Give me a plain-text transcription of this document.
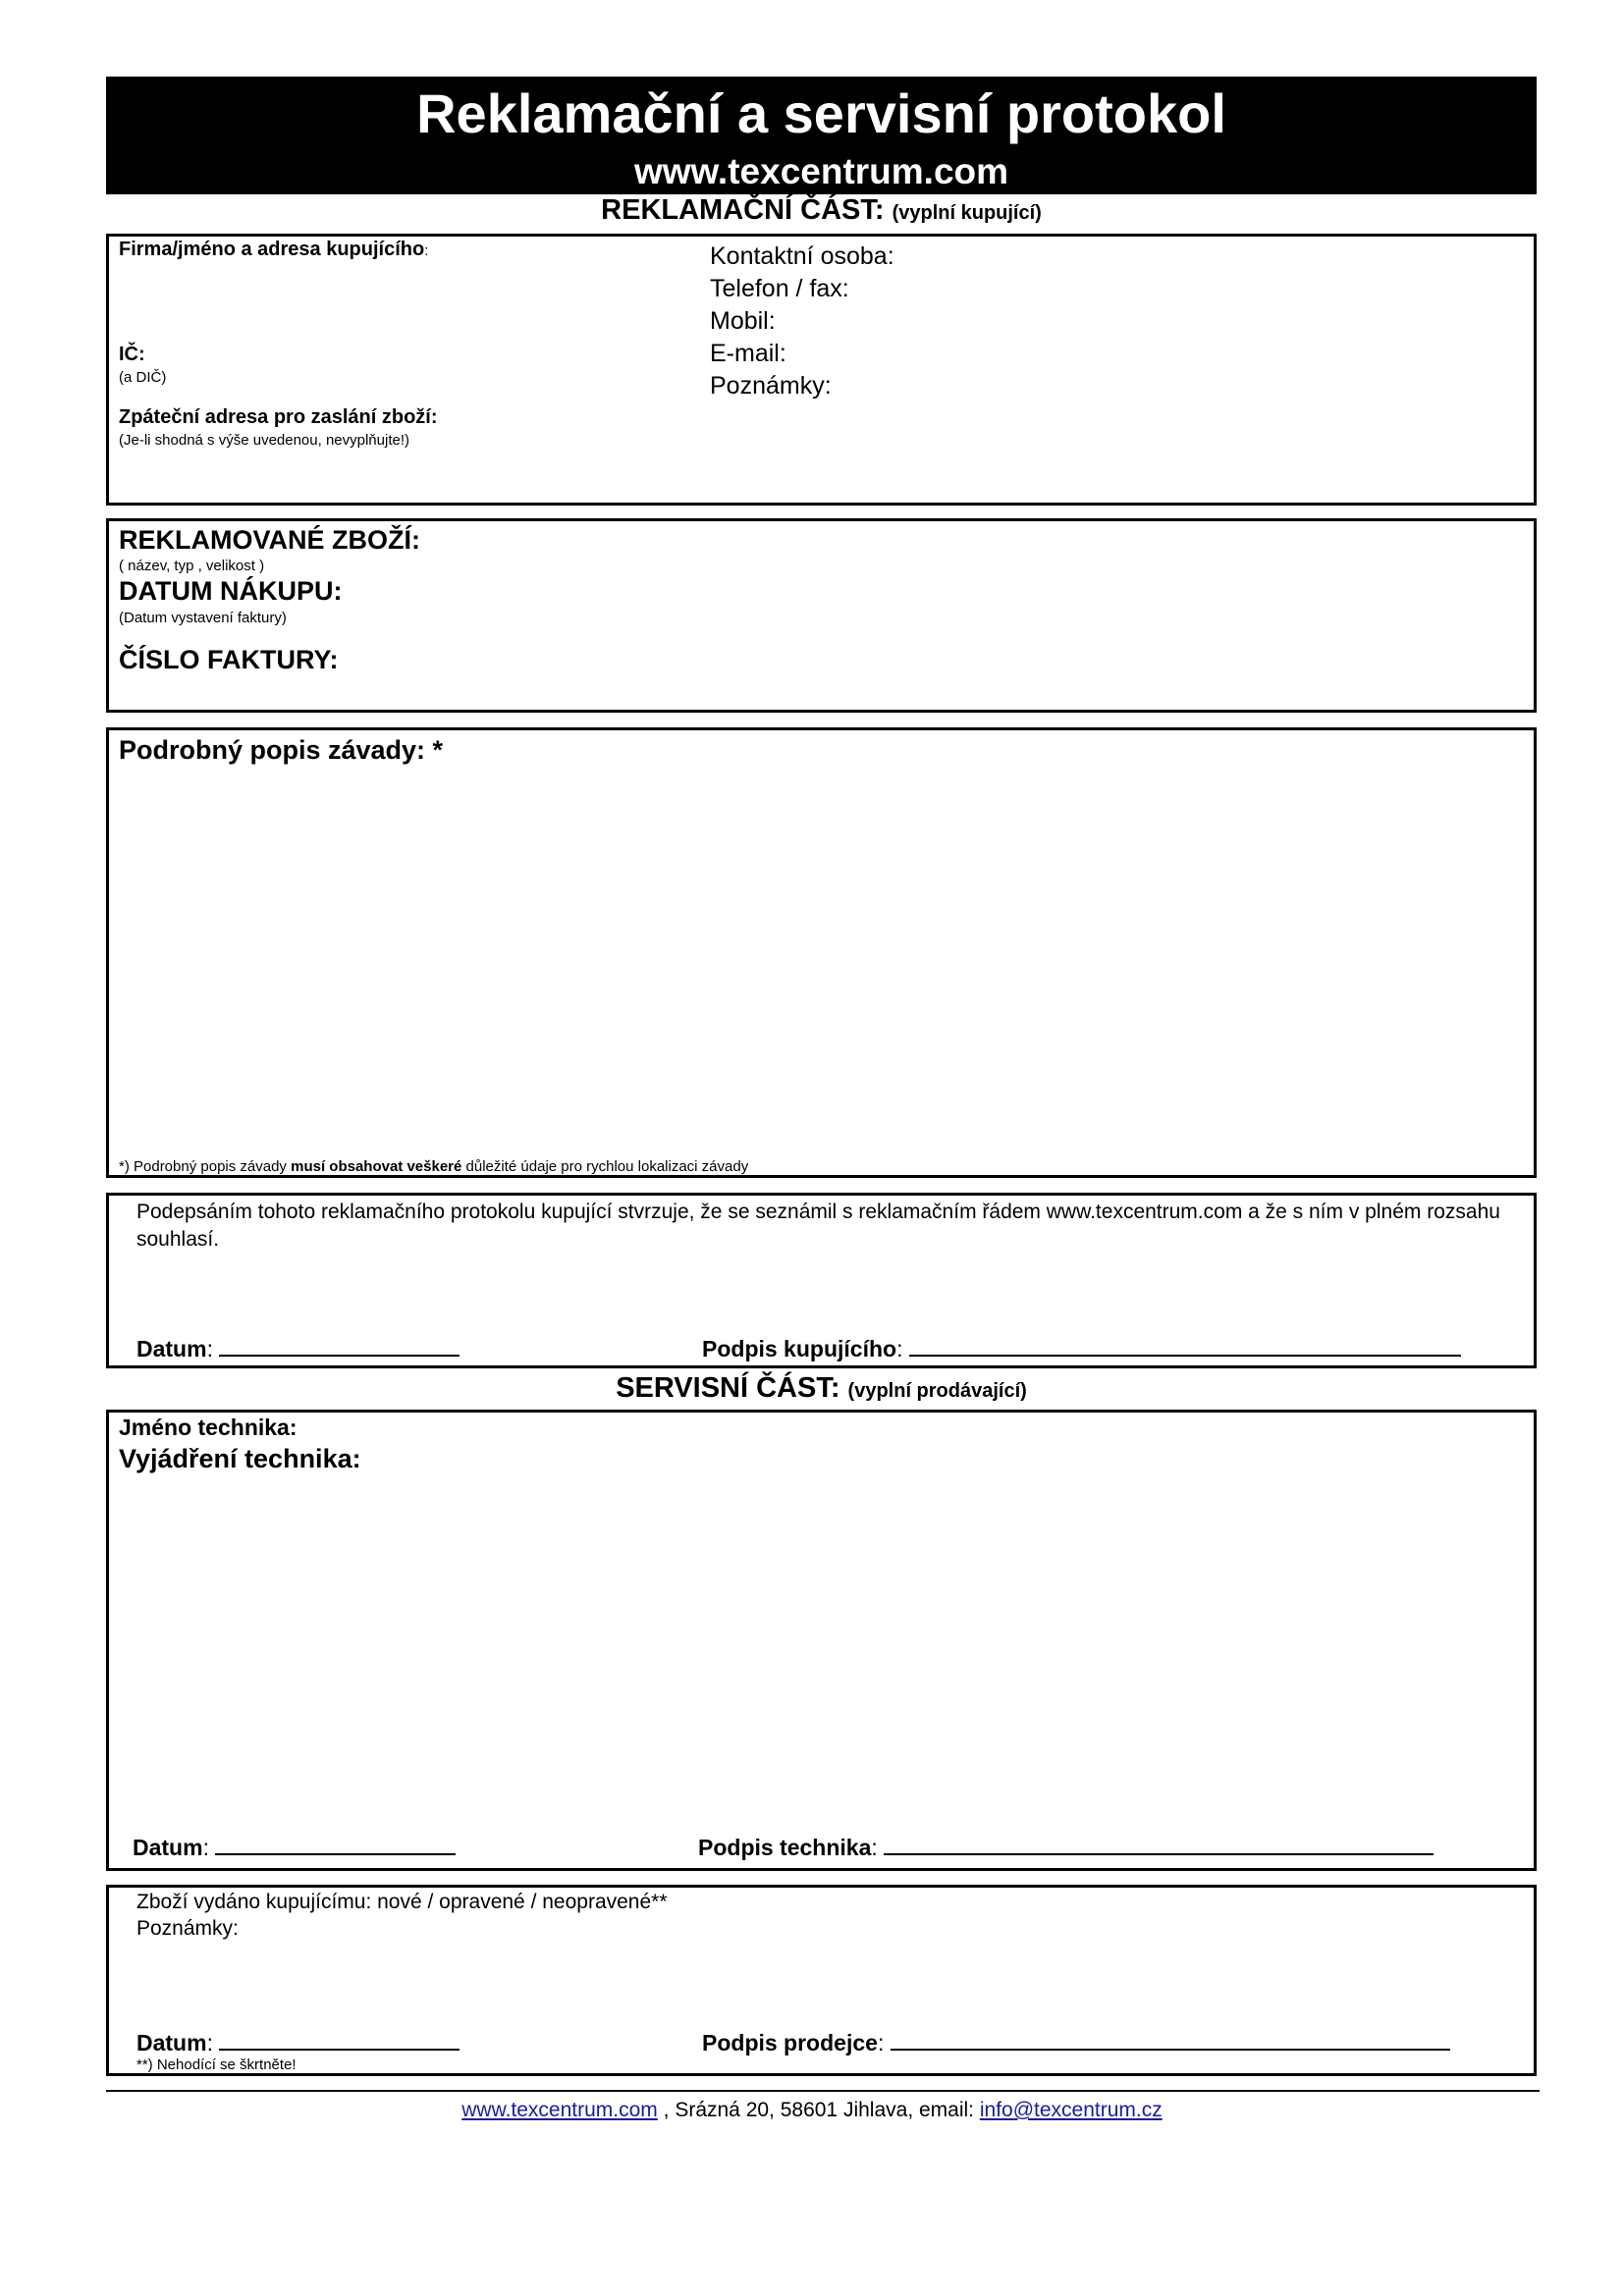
Reklamační a servisní protokol
www.texcentrum.com
REKLAMAČNÍ ČÁST: (vyplní kupující)
Firma/jméno a adresa kupujícího:
IČ:
(a DIČ)
Zpáteční adresa pro zaslání zboží:
(Je-li shodná s výše uvedenou, nevyplňujte!)
Kontaktní osoba:
Telefon / fax:
Mobil:
E-mail:
Poznámky:
REKLAMOVANÉ ZBOŽÍ:
( název, typ , velikost )
DATUM NÁKUPU:
(Datum vystavení faktury)
ČÍSLO FAKTURY:
Podrobný popis závady: *
*) Podrobný popis závady musí obsahovat veškeré důležité údaje pro rychlou lokalizaci závady
Podepsáním tohoto reklamačního protokolu kupující stvrzuje, že se seznámil s reklamačním řádem www.texcentrum.com a že s ním v plném rozsahu souhlasí.
Datum:	Podpis kupujícího:
SERVISNÍ ČÁST: (vyplní prodávající)
Jméno technika:
Vyjádření technika:
Datum:	Podpis technika:
Zboží vydáno kupujícímu: nové / opravené / neopravené**
Poznámky:
Datum:	Podpis prodejce:
**) Nehodící se škrtněte!
www.texcentrum.com , Srázná 20, 58601 Jihlava, email: info@texcentrum.cz
